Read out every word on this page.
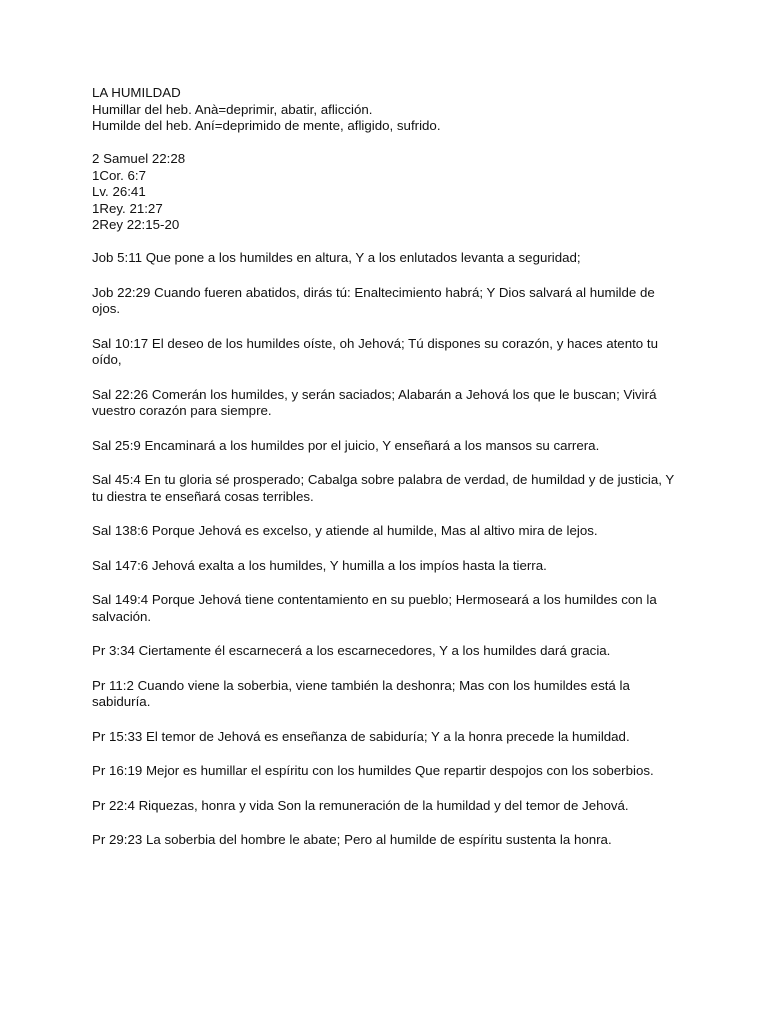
LA HUMILDAD
Humillar del heb. Anà=deprimir, abatir, aflicción.
Humilde del heb. Aní=deprimido de mente, afligido, sufrido.
2 Samuel 22:28
1Cor. 6:7
Lv. 26:41
1Rey. 21:27
2Rey 22:15-20
Job 5:11 Que pone a los humildes en altura, Y a los enlutados levanta a seguridad;
Job 22:29 Cuando fueren abatidos, dirás tú: Enaltecimiento habrá; Y Dios salvará al humilde de ojos.
Sal 10:17 El deseo de los humildes oíste, oh Jehová; Tú dispones su corazón, y haces atento tu oído,
Sal 22:26 Comerán los humildes, y serán saciados; Alabarán a Jehová los que le buscan; Vivirá vuestro corazón para siempre.
Sal 25:9 Encaminará a los humildes por el juicio, Y enseñará a los mansos su carrera.
Sal 45:4 En tu gloria sé prosperado; Cabalga sobre palabra de verdad, de humildad y de justicia, Y tu diestra te enseñará cosas terribles.
Sal 138:6 Porque Jehová es excelso, y atiende al humilde, Mas al altivo mira de lejos.
Sal 147:6 Jehová exalta a los humildes, Y humilla a los impíos hasta la tierra.
Sal 149:4 Porque Jehová tiene contentamiento en su pueblo; Hermoseará a los humildes con la salvación.
Pr 3:34 Ciertamente él escarnecerá a los escarnecedores, Y a los humildes dará gracia.
Pr 11:2 Cuando viene la soberbia, viene también la deshonra; Mas con los humildes está la sabiduría.
Pr 15:33 El temor de Jehová es enseñanza de sabiduría; Y a la honra precede la humildad.
Pr 16:19 Mejor es humillar el espíritu con los humildes Que repartir despojos con los soberbios.
Pr 22:4 Riquezas, honra y vida Son la remuneración de la humildad y del temor de Jehová.
Pr 29:23 La soberbia del hombre le abate; Pero al humilde de espíritu sustenta la honra.
